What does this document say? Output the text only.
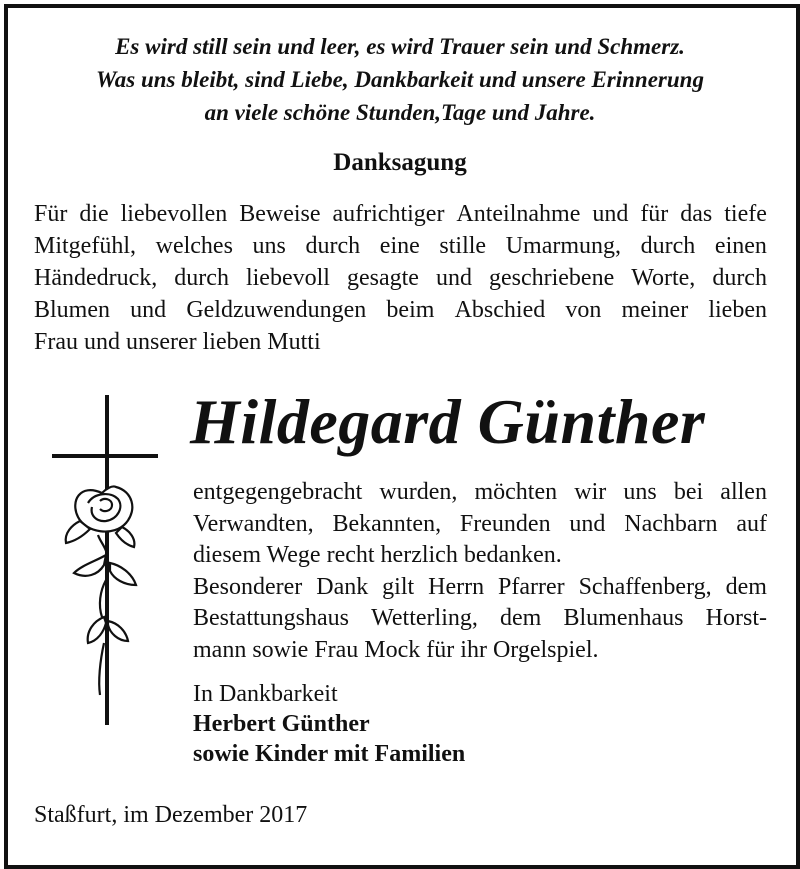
Es wird still sein und leer, es wird Trauer sein und Schmerz.
Was uns bleibt, sind Liebe, Dankbarkeit und unsere Erinnerung
an viele schöne Stunden,Tage und Jahre.
Danksagung
Für die liebevollen Beweise aufrichtiger Anteilnahme und für das tiefe
Mitgefühl, welches uns durch eine stille Umarmung, durch einen
Händedruck, durch liebevoll gesagte und geschriebene Worte, durch
Blumen und Geldzuwendungen beim Abschied von meiner lieben
Frau und unserer lieben Mutti
Hildegard Günther
entgegengebracht wurden, möchten wir uns bei allen
Verwandten, Bekannten, Freunden und Nachbarn auf
diesem Wege recht herzlich bedanken.
Besonderer Dank gilt Herrn Pfarrer Schaffenberg, dem
Bestattungshaus Wetterling, dem Blumenhaus Horst-
mann sowie Frau Mock für ihr Orgelspiel.
In Dankbarkeit
Herbert Günther
sowie Kinder mit Familien
Staßfurt, im Dezember 2017
